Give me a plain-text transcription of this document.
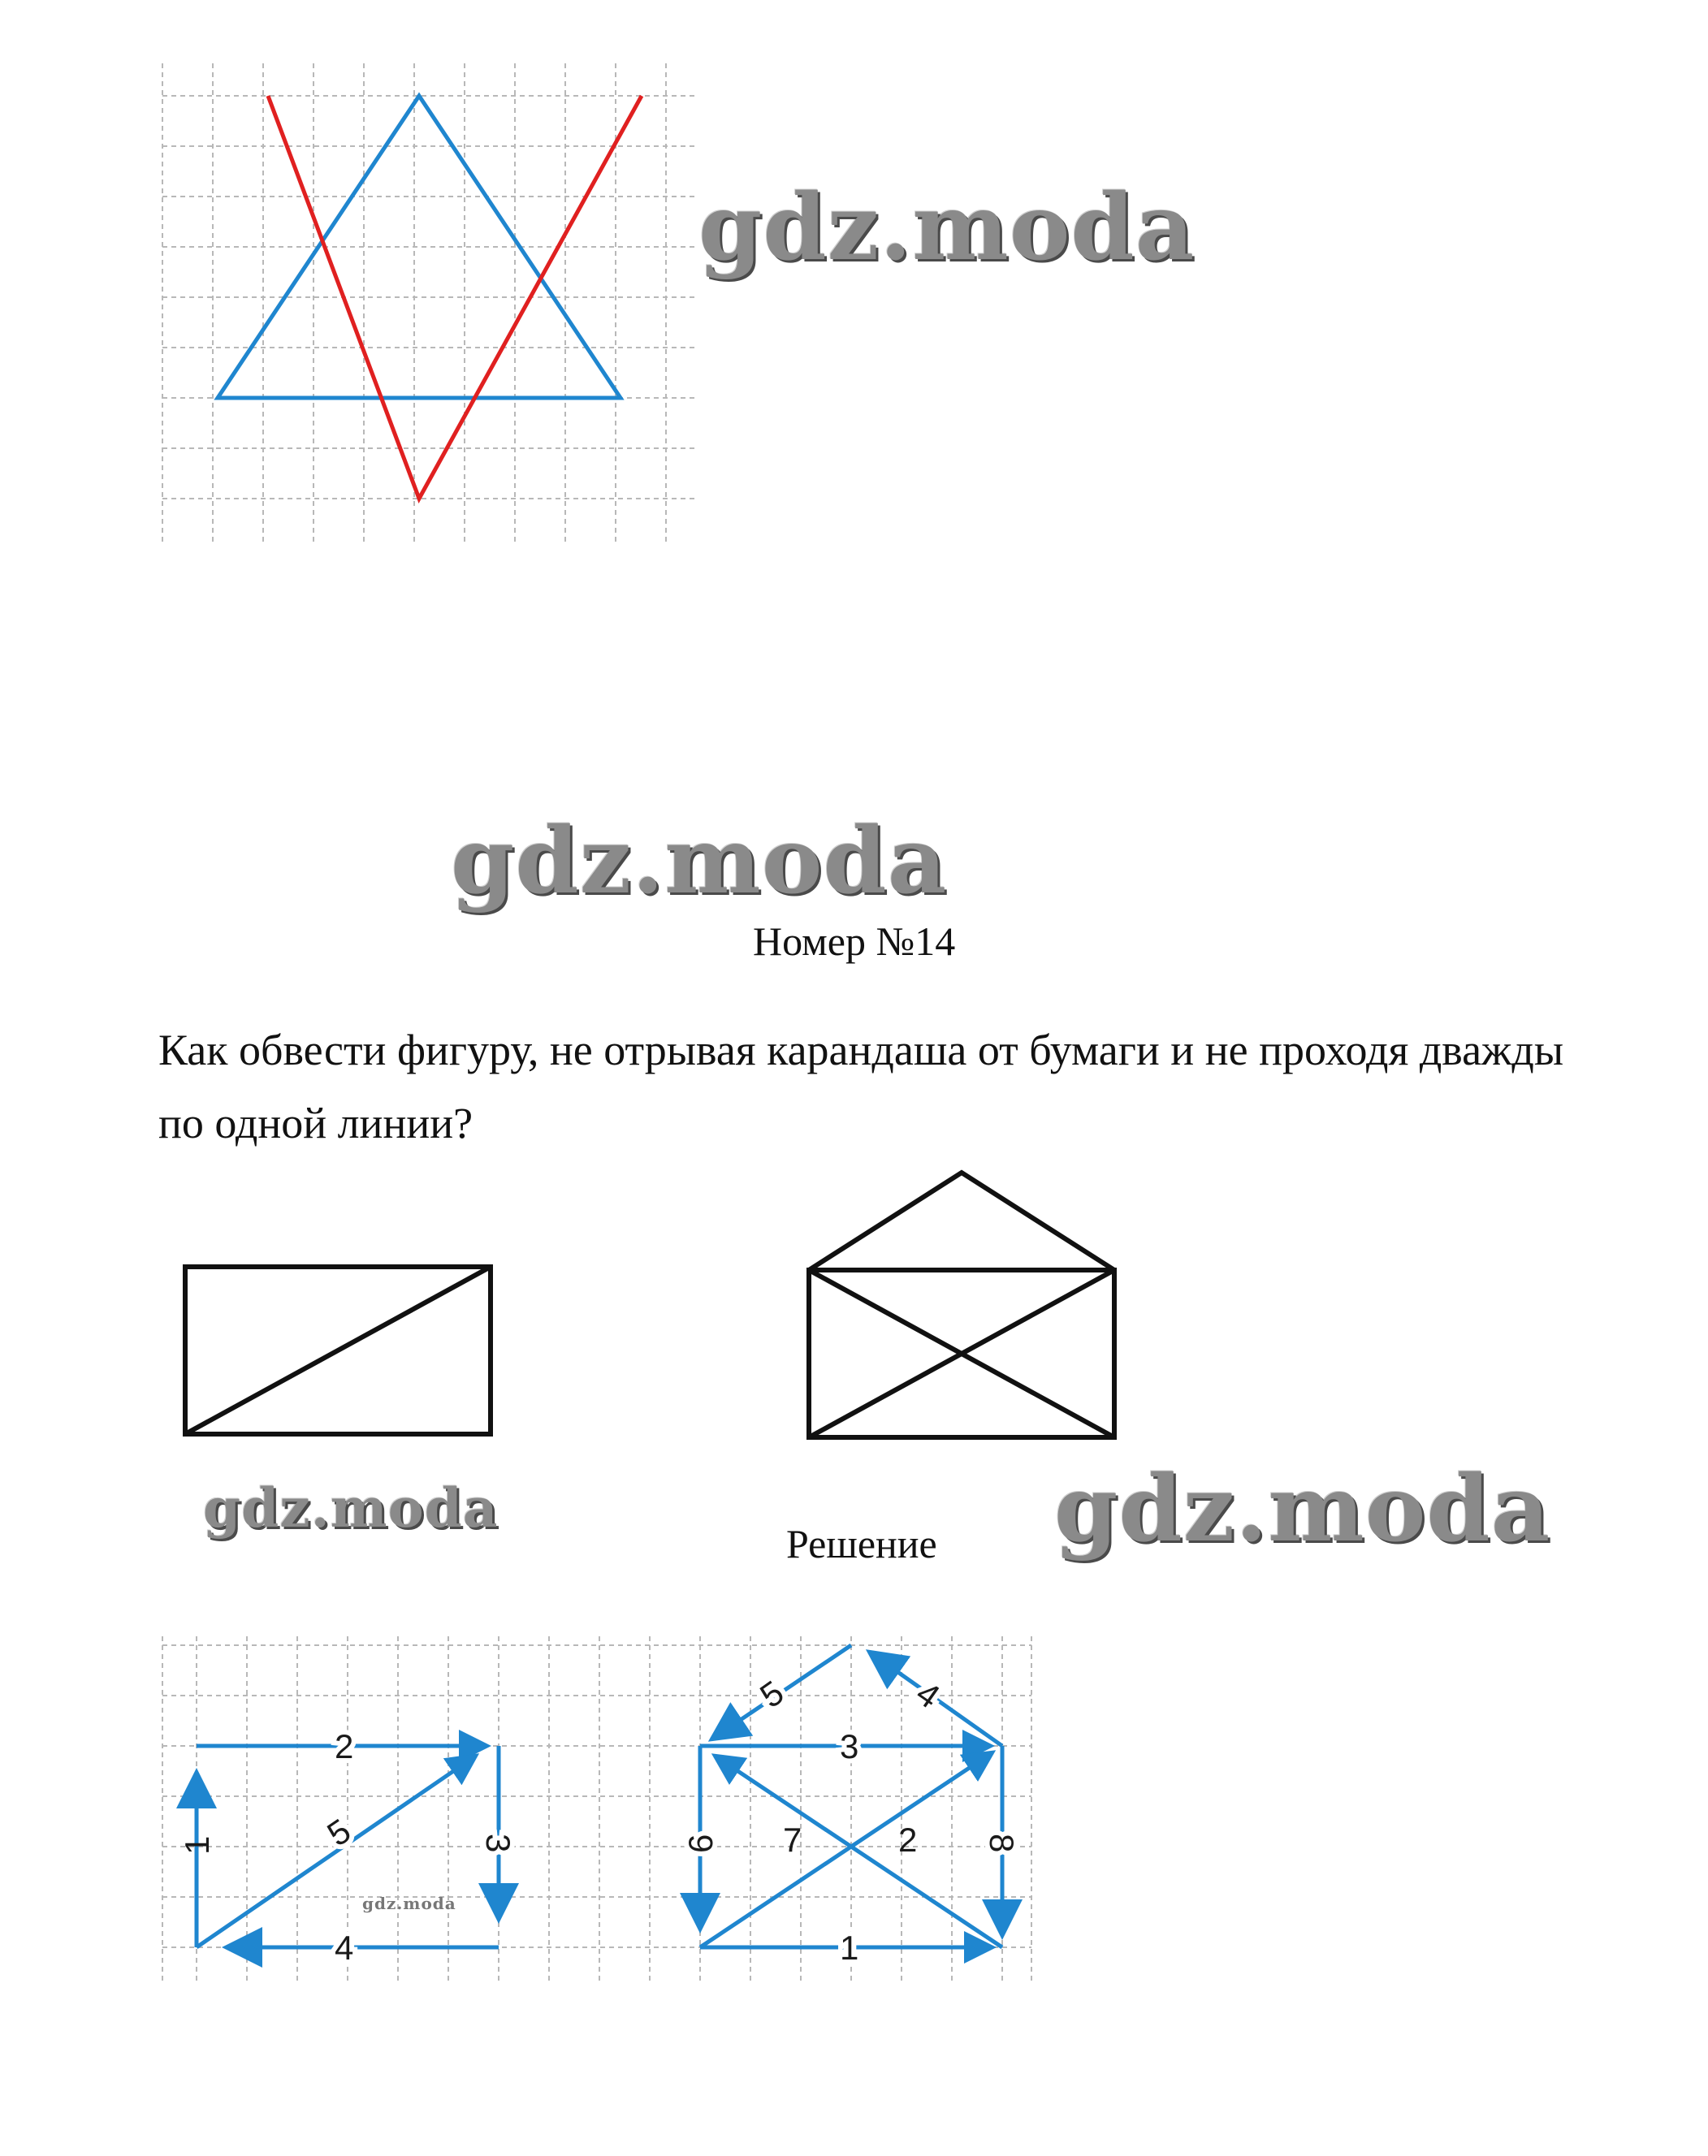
gdz.moda
gdz.moda
Номер №14
Как обвести фигуру, не отрывая карандаша от бумаги и не проходя дважды по одной линии?
gdz.moda
Решение gdz.moda
1
2
3
4
5
1
2
3
4
5
6 7	8
gdz.moda
